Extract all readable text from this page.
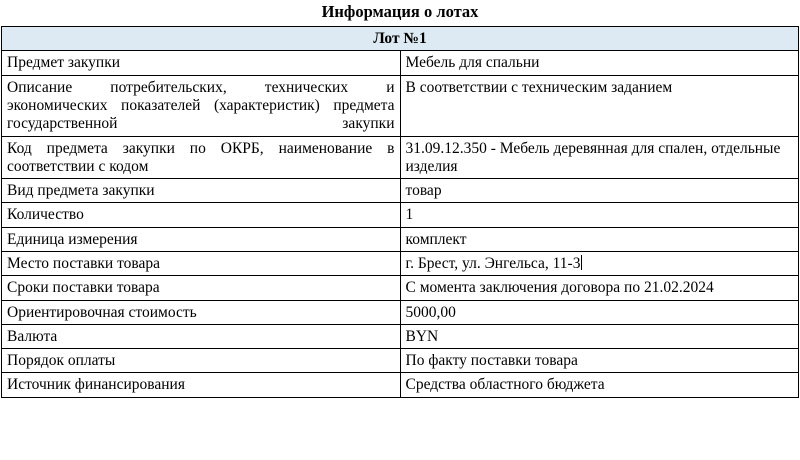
Информация о лотах
Лот №1	
Предмет закупки	Мебель для спальни
Описание потребительских, технических и экономических показателей (характеристик) предмета государственной закупки	В соответствии с техническим заданием
Код предмета закупки по ОКРБ, наименование в соответствии с кодом	31.09.12.350 - Мебель деревянная для спален, отдельные изделия
Вид предмета закупки	товар
Количество	1
Единица измерения	комплект
Место поставки товара	г. Брест, ул. Энгельса, 11-3
Сроки поставки товара	С момента заключения договора по 21.02.2024
Ориентировочная стоимость	5000,00
Валюта	BYN
Порядок оплаты	По факту поставки товара
Источник финансирования	Средства областного бюджета
